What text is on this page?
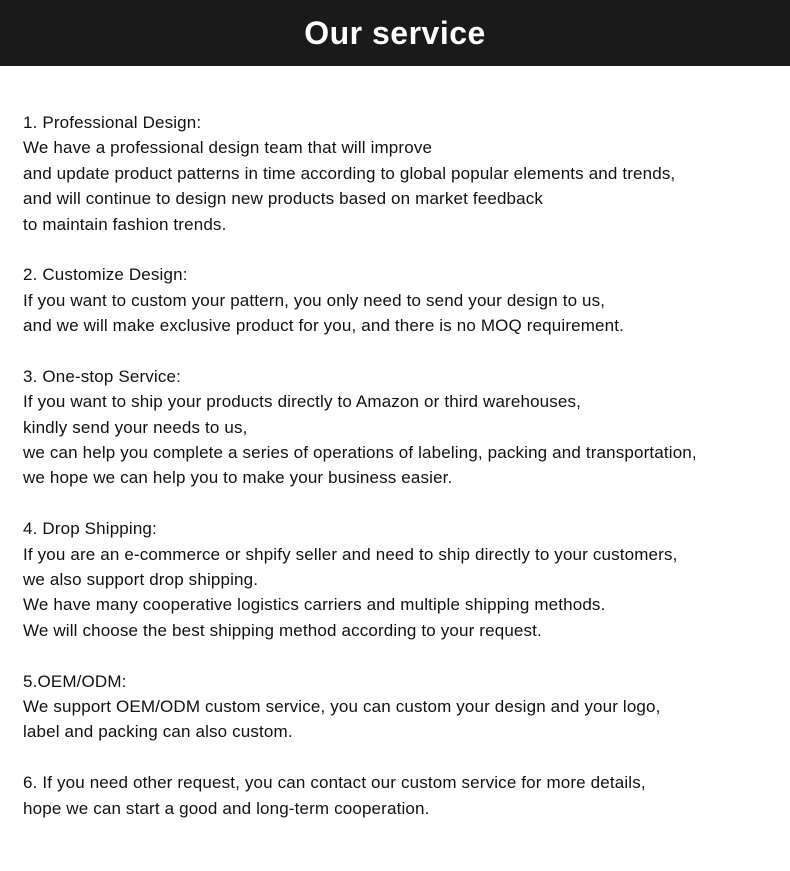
Our service
1. Professional Design:
We have a professional design team that will improve
and update product patterns in time according to global popular elements and trends,
and will continue to design new products based on market feedback
to maintain fashion trends.
2. Customize Design:
If you want to custom your pattern, you only need to send your design to us,
and we will make exclusive product for you, and there is no MOQ requirement.
3. One-stop Service:
If you want to ship your products directly to Amazon or third warehouses,
kindly send your needs to us,
we can help you complete a series of operations of labeling, packing and transportation,
we hope we can help you to make your business easier.
4. Drop Shipping:
If you are an e-commerce or shpify seller and need to ship directly to your customers,
we also support drop shipping.
We have many cooperative logistics carriers and multiple shipping methods.
We will choose the best shipping method according to your request.
5.OEM/ODM:
We support OEM/ODM custom service, you can custom your design and your logo,
label and packing can also custom.
6. If you need other request, you can contact our custom service for more details,
hope we can start a good and long-term cooperation.
